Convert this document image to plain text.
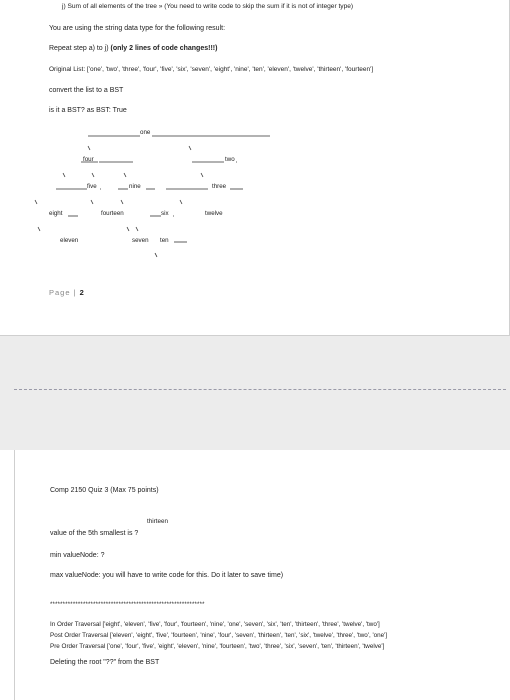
j) Sum of all elements of the tree » (You need to write code to skip the sum if it is not of integer type)
You are using the string data type for the following result:
Repeat step a) to j) (only 2 lines of code changes!!!)
Original List: ['one', 'two', 'three', 'four', 'five', 'six', 'seven', 'eight', 'nine', 'ten', 'eleven', 'twelve', 'thirteen', 'fourteen']
convert the list to a BST
is it a BST? as BST: True
one
two
four
five	nine	three
eight	fourteen	six	twelve
eleven	seven ten
Page | 2
Comp 2150 Quiz 3 (Max 75 points)
thirteen
value of the 5th smallest is ?
min valueNode: ?
max valueNode: you will have to write code for this. Do it later to save time)
*************************************************************
In Order Traversal ['eight', 'eleven', 'five', 'four', 'fourteen', 'nine', 'one', 'seven', 'six', 'ten', 'thirteen', 'three', 'twelve', 'two']
Post Order Traversal ['eleven', 'eight', 'five', 'fourteen', 'nine', 'four', 'seven', 'thirteen', 'ten', 'six', 'twelve', 'three', 'two', 'one']
Pre Order Traversal ['one', 'four', 'five', 'eight', 'eleven', 'nine', 'fourteen', 'two', 'three', 'six', 'seven', 'ten', 'thirteen', 'twelve']
Deleting the root "??" from the BST
